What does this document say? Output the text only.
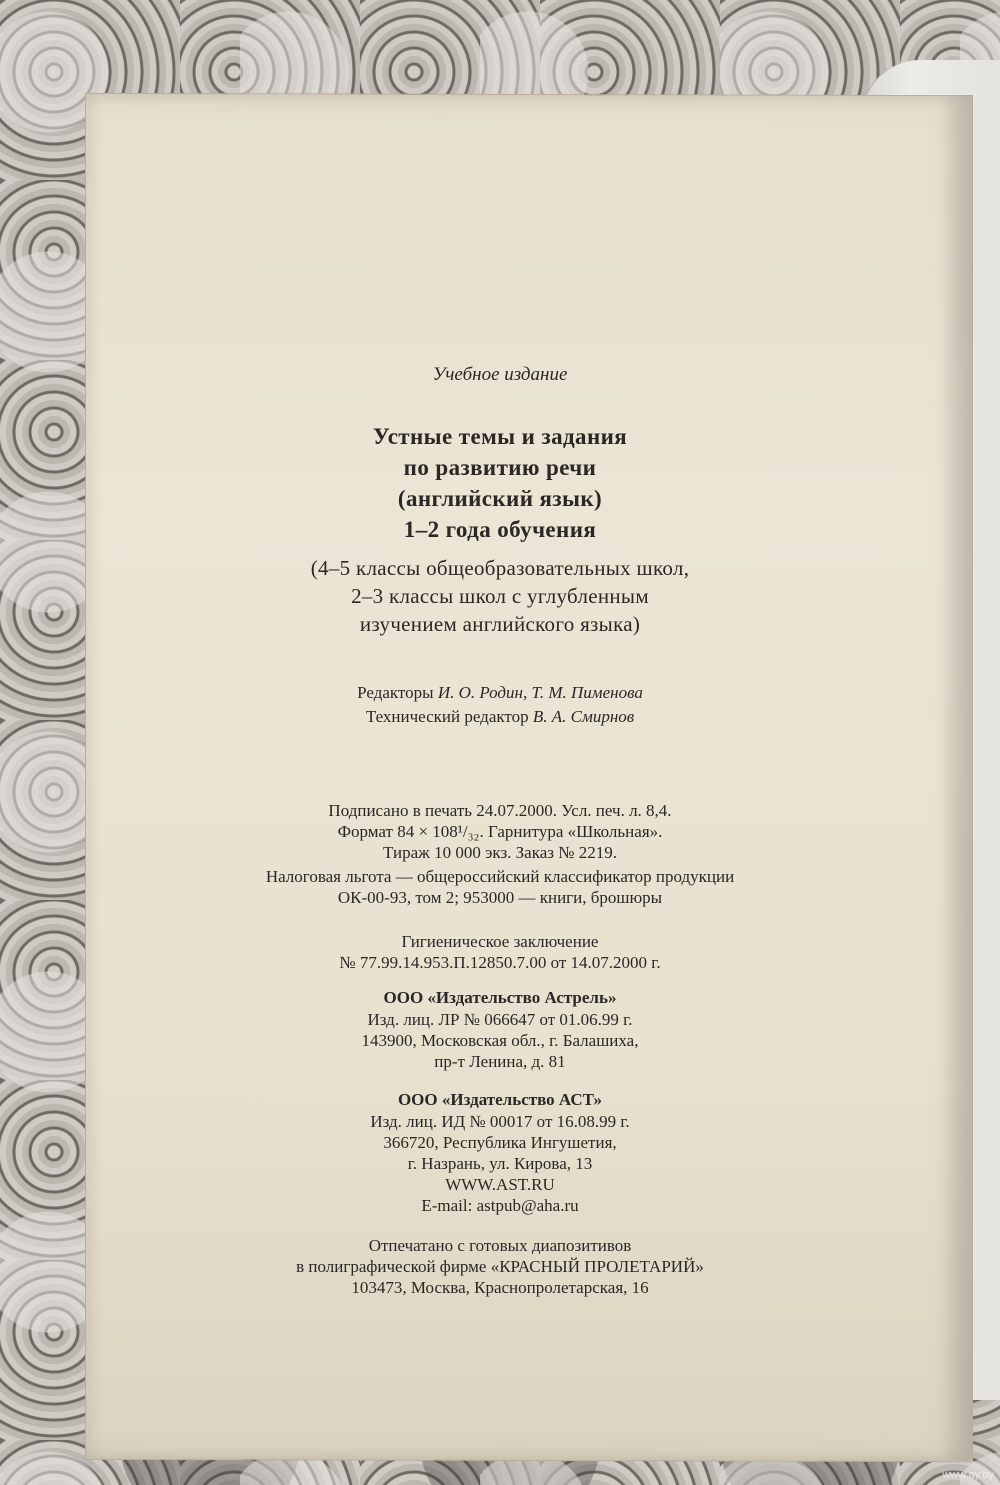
Учебное издание
Устные темы и задания
по развитию речи
(английский язык)
1–2 года обучения
(4–5 классы общеобразовательных школ,
2–3 классы школ с углубленным
изучением английского языка)
Редакторы И. О. Родин, Т. М. Пименова
Технический редактор В. А. Смирнов
Подписано в печать 24.07.2000. Усл. печ. л. 8,4.
Формат 84 × 108¹/₃₂. Гарнитура «Школьная».
Тираж 10 000 экз. Заказ № 2219.
Налоговая льгота — общероссийский классификатор продукции
ОК-00-93, том 2; 953000 — книги, брошюры
Гигиеническое заключение
№ 77.99.14.953.П.12850.7.00 от 14.07.2000 г.
ООО «Издательство Астрель»
Изд. лиц. ЛР № 066647 от 01.06.99 г.
143900, Московская обл., г. Балашиха,
пр-т Ленина, д. 81
ООО «Издательство АСТ»
Изд. лиц. ИД № 00017 от 16.08.99 г.
366720, Республика Ингушетия,
г. Назрань, ул. Кирова, 13
WWW.AST.RU
E-mail: astpub@aha.ru
Отпечатано с готовых диапозитивов
в полиграфической фирме «КРАСНЫЙ ПРОЛЕТАРИЙ»
103473, Москва, Краснопролетарская, 16
www.ay.by
